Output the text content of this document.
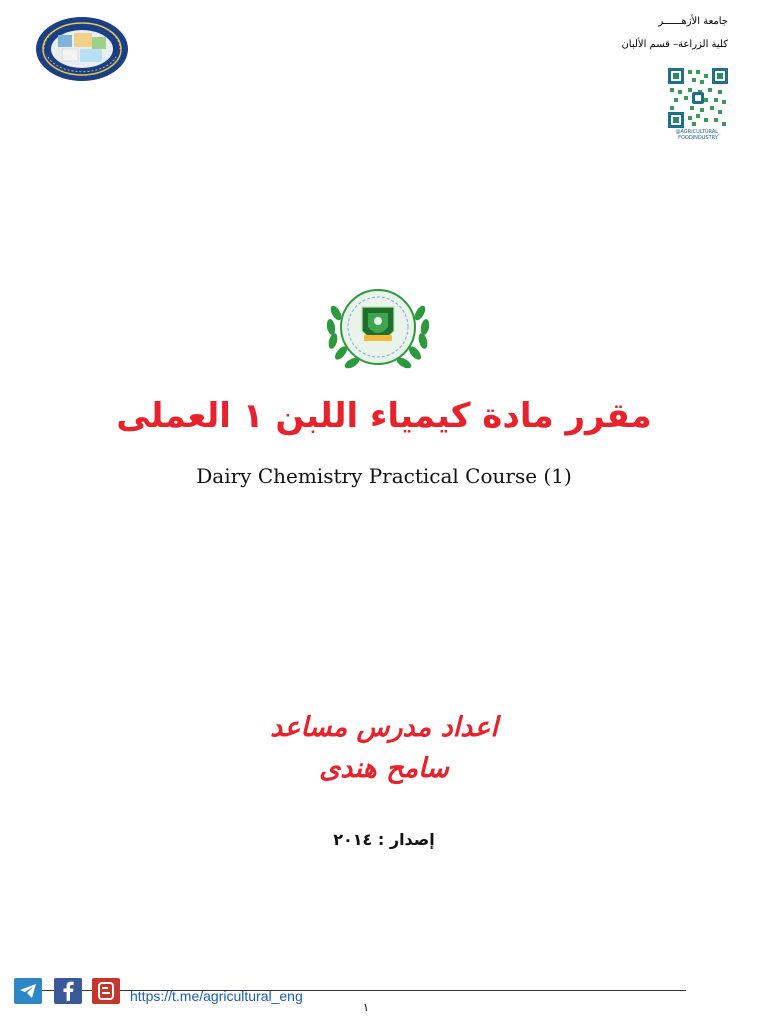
جامعة الأزهــــــر
كلية الزراعة– قسم الألبان
@AGRICULTURAL_
FOODINDUSTRY
مقرر مادة كيمياء اللبن ١ العملى
Dairy Chemistry Practical Course (1)
اعداد مدرس مساعد
سامح هندى
إصدار : ٢٠١٤
https://t.me/agricultural_eng
١
